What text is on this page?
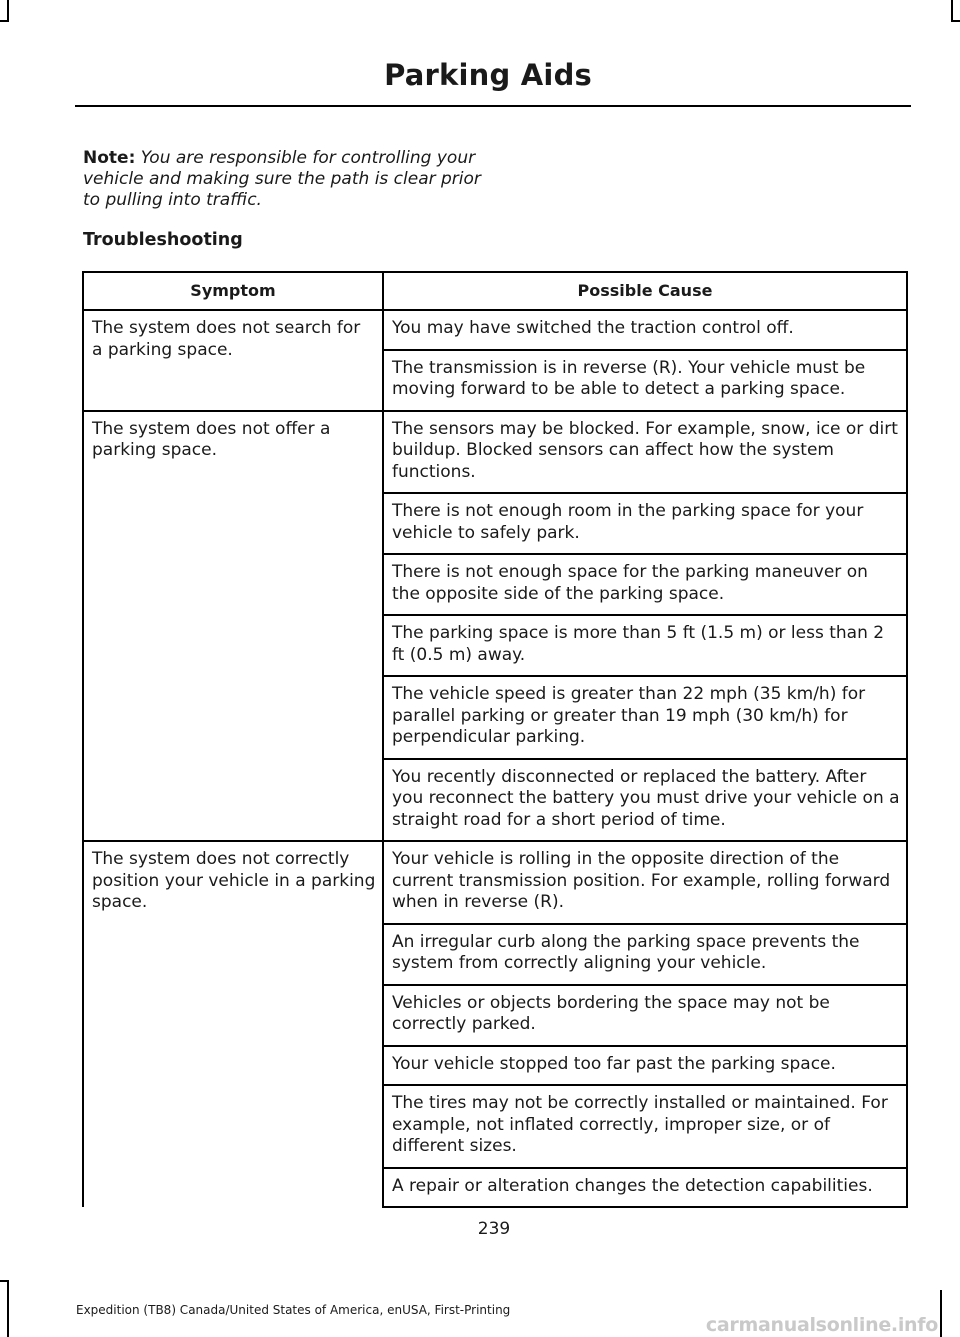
Parking Aids
Note: You are responsible for controlling your vehicle and making sure the path is clear prior to pulling into traffic.
Troubleshooting
Symptom	Possible Cause
The system does not search for a parking space.	You may have switched the traction control off.
	The transmission is in reverse (R). Your vehicle must be moving forward to be able to detect a parking space.
The system does not offer a parking space.	The sensors may be blocked. For example, snow, ice or dirt buildup. Blocked sensors can affect how the system functions.
	There is not enough room in the parking space for your vehicle to safely park.
	There is not enough space for the parking maneuver on the opposite side of the parking space.
	The parking space is more than 5 ft (1.5 m) or less than 2 ft (0.5 m) away.
	The vehicle speed is greater than 22 mph (35 km/h) for parallel parking or greater than 19 mph (30 km/h) for perpendicular parking.
	You recently disconnected or replaced the battery. After you reconnect the battery you must drive your vehicle on a straight road for a short period of time.
The system does not correctly position your vehicle in a parking space.	Your vehicle is rolling in the opposite direction of the current transmission position. For example, rolling forward when in reverse (R).
	An irregular curb along the parking space prevents the system from correctly aligning your vehicle.
	Vehicles or objects bordering the space may not be correctly parked.
	Your vehicle stopped too far past the parking space.
	The tires may not be correctly installed or maintained. For example, not inflated correctly, improper size, or of different sizes.
	A repair or alteration changes the detection capabilities.
239
Expedition (TB8) Canada/United States of America, enUSA, First-Printing
carmanualsonline.info
